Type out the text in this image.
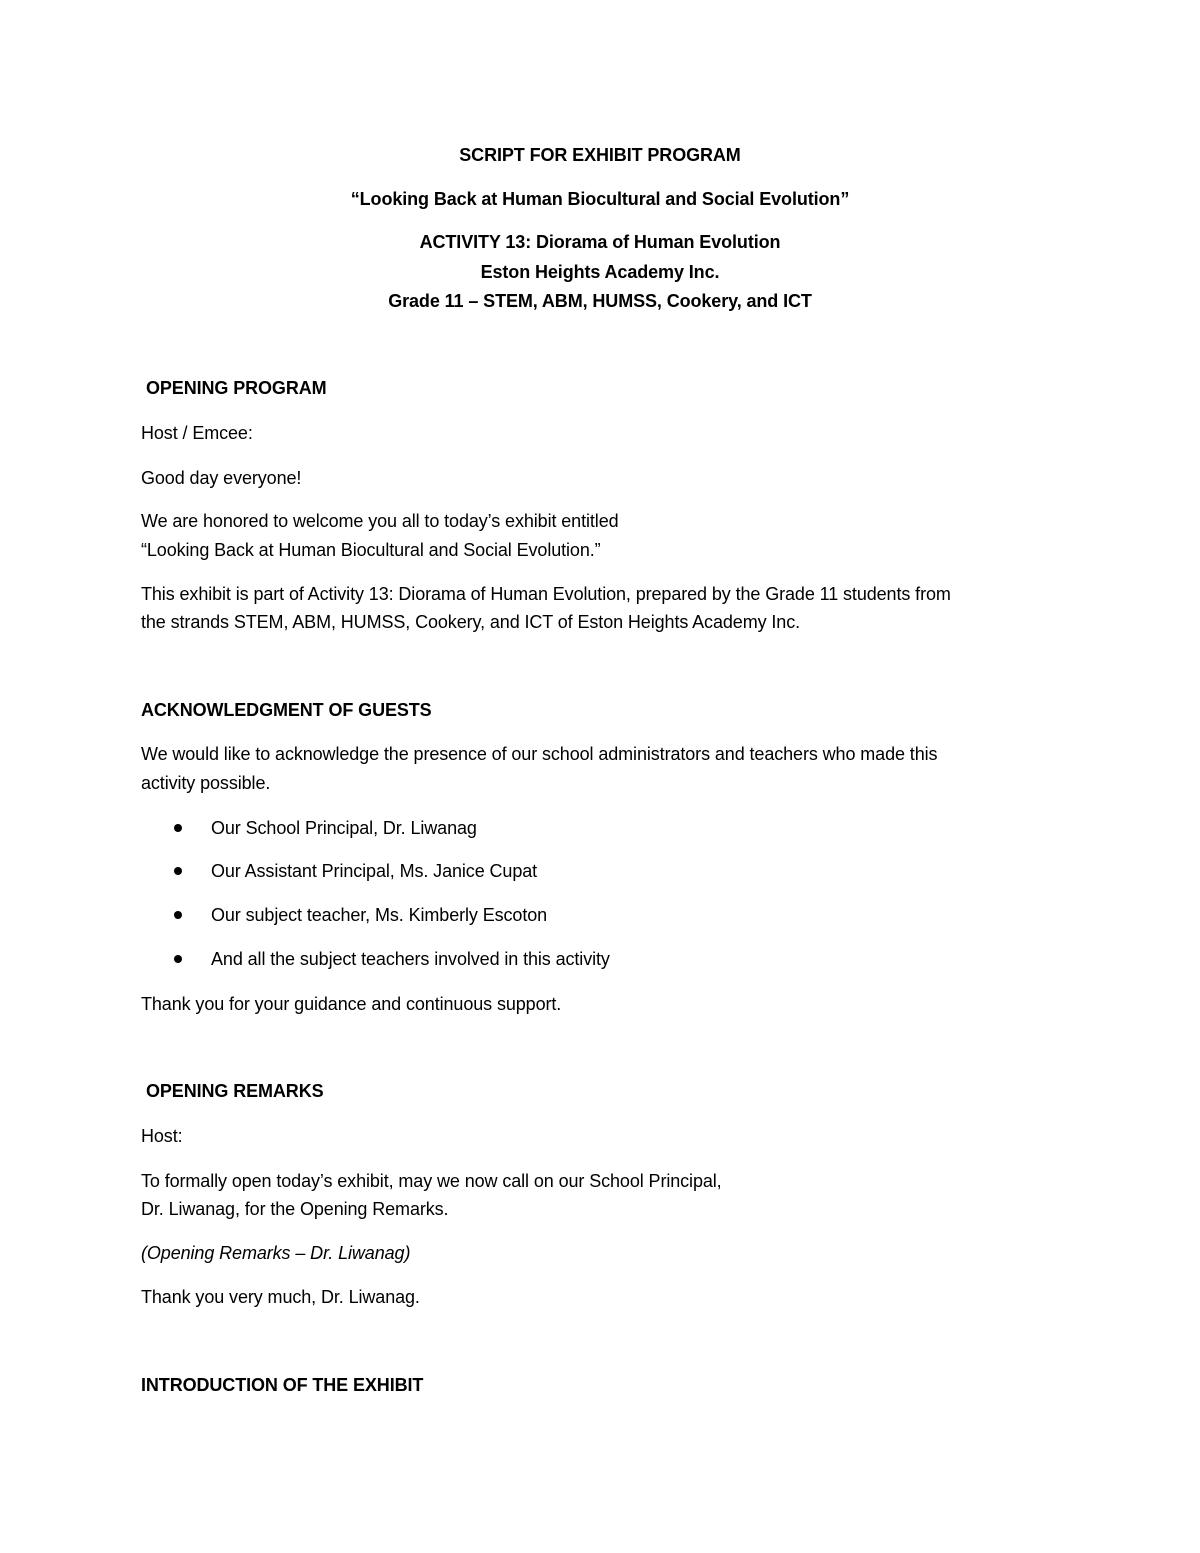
SCRIPT FOR EXHIBIT PROGRAM
“Looking Back at Human Biocultural and Social Evolution”
ACTIVITY 13: Diorama of Human Evolution
Eston Heights Academy Inc.
Grade 11 – STEM, ABM, HUMSS, Cookery, and ICT
OPENING PROGRAM
Host / Emcee:
Good day everyone!
We are honored to welcome you all to today’s exhibit entitled
“Looking Back at Human Biocultural and Social Evolution.”
This exhibit is part of Activity 13: Diorama of Human Evolution, prepared by the Grade 11 students from
the strands STEM, ABM, HUMSS, Cookery, and ICT of Eston Heights Academy Inc.
ACKNOWLEDGMENT OF GUESTS
We would like to acknowledge the presence of our school administrators and teachers who made this
activity possible.
Our School Principal, Dr. Liwanag
Our Assistant Principal, Ms. Janice Cupat
Our subject teacher, Ms. Kimberly Escoton
And all the subject teachers involved in this activity
Thank you for your guidance and continuous support.
OPENING REMARKS
Host:
To formally open today’s exhibit, may we now call on our School Principal,
Dr. Liwanag, for the Opening Remarks.
(Opening Remarks – Dr. Liwanag)
Thank you very much, Dr. Liwanag.
INTRODUCTION OF THE EXHIBIT
